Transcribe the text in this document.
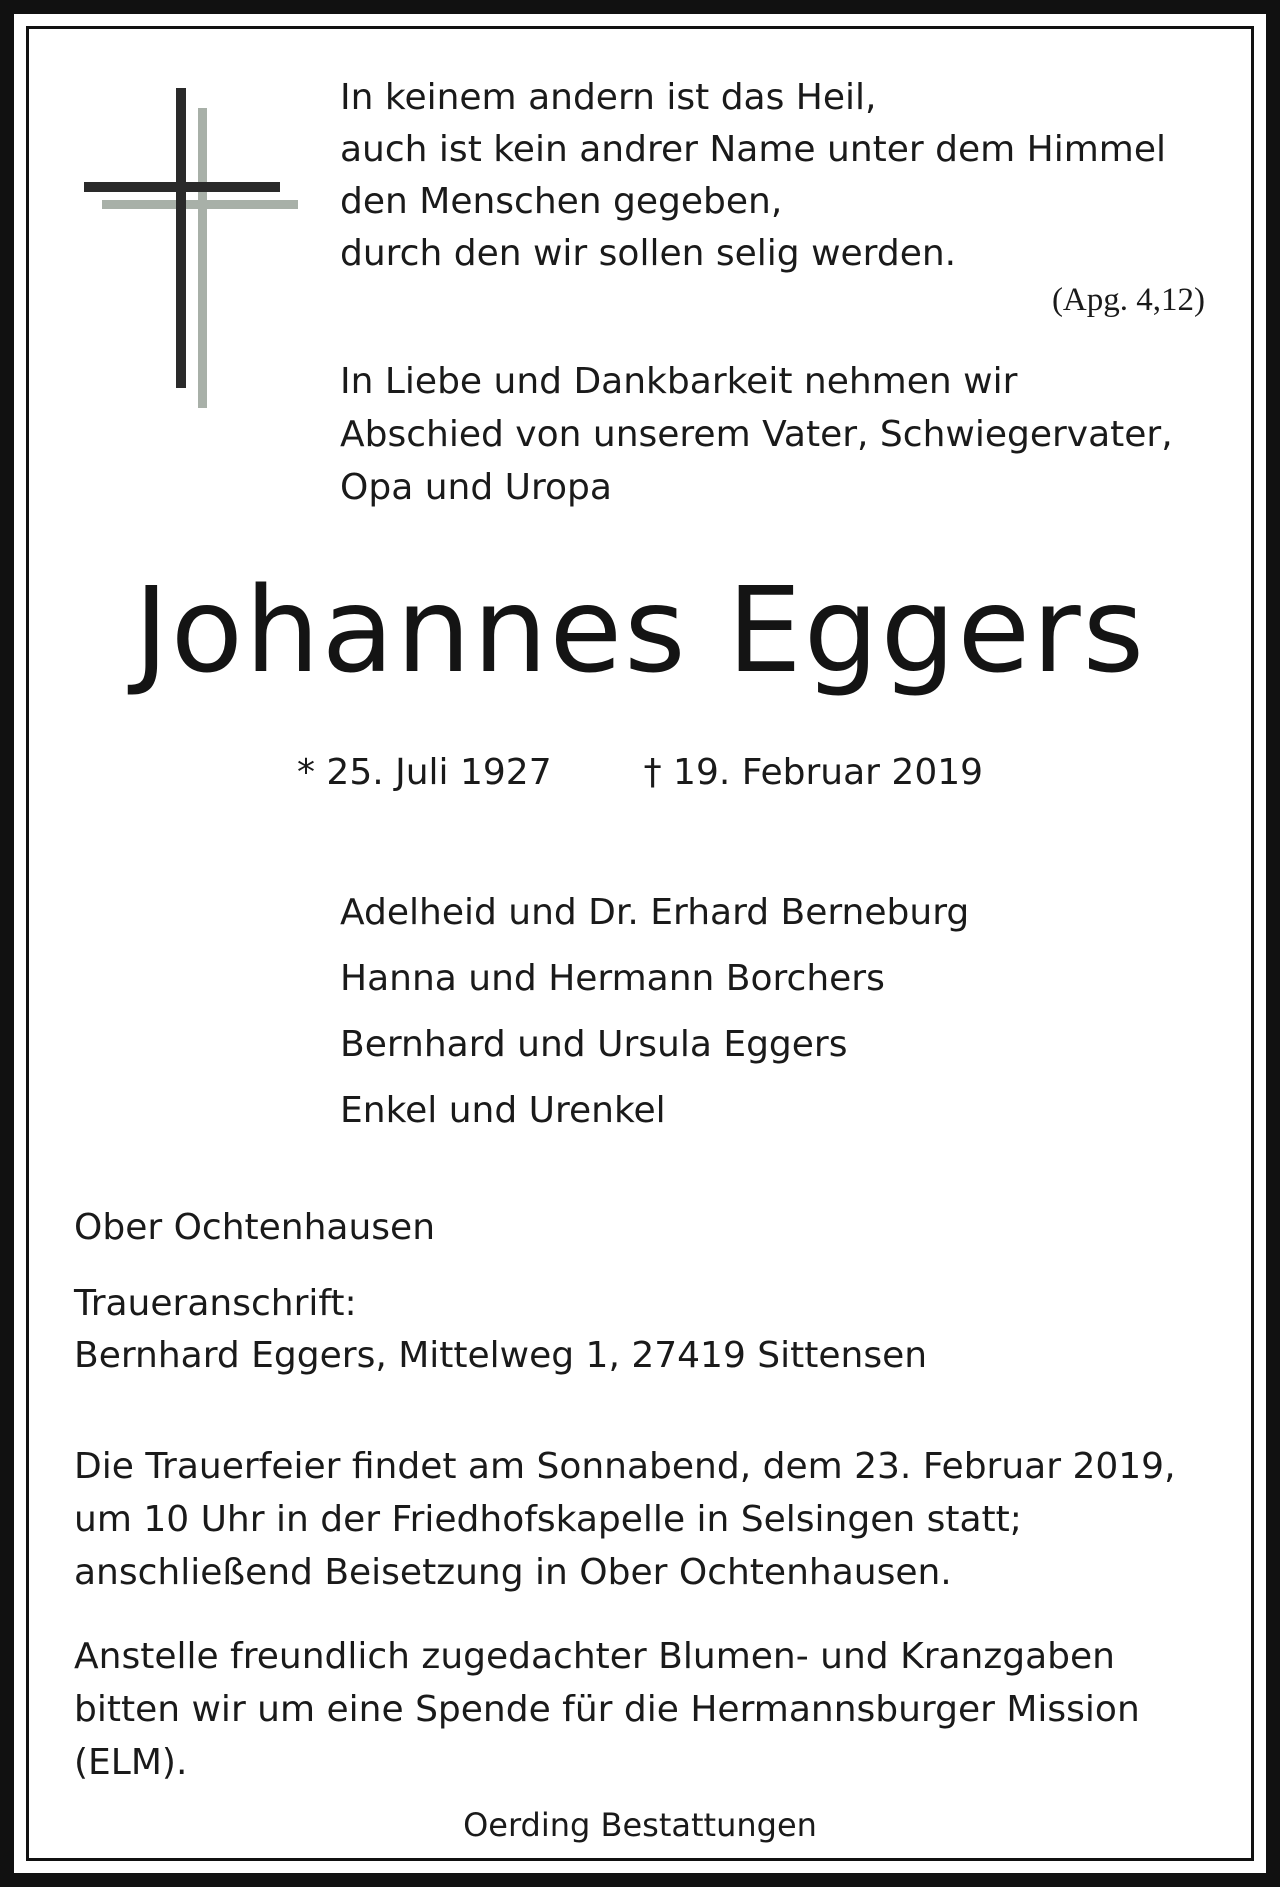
In keinem andern ist das Heil,
auch ist kein andrer Name unter dem Himmel
den Menschen gegeben,
durch den wir sollen selig werden.
(Apg. 4,12)
In Liebe und Dankbarkeit nehmen wir
Abschied von unserem Vater, Schwiegervater,
Opa und Uropa
Johannes Eggers
* 25. Juli 1927	† 19. Februar 2019
Adelheid und Dr. Erhard Berneburg
Hanna und Hermann Borchers
Bernhard und Ursula Eggers
Enkel und Urenkel
Ober Ochtenhausen
Traueranschrift:
Bernhard Eggers, Mittelweg 1, 27419 Sittensen
Die Trauerfeier findet am Sonnabend, dem 23. Februar 2019,
um 10 Uhr in der Friedhofskapelle in Selsingen statt;
anschließend Beisetzung in Ober Ochtenhausen.
Anstelle freundlich zugedachter Blumen- und Kranzgaben
bitten wir um eine Spende für die Hermannsburger Mission
(ELM).
Oerding Bestattungen
